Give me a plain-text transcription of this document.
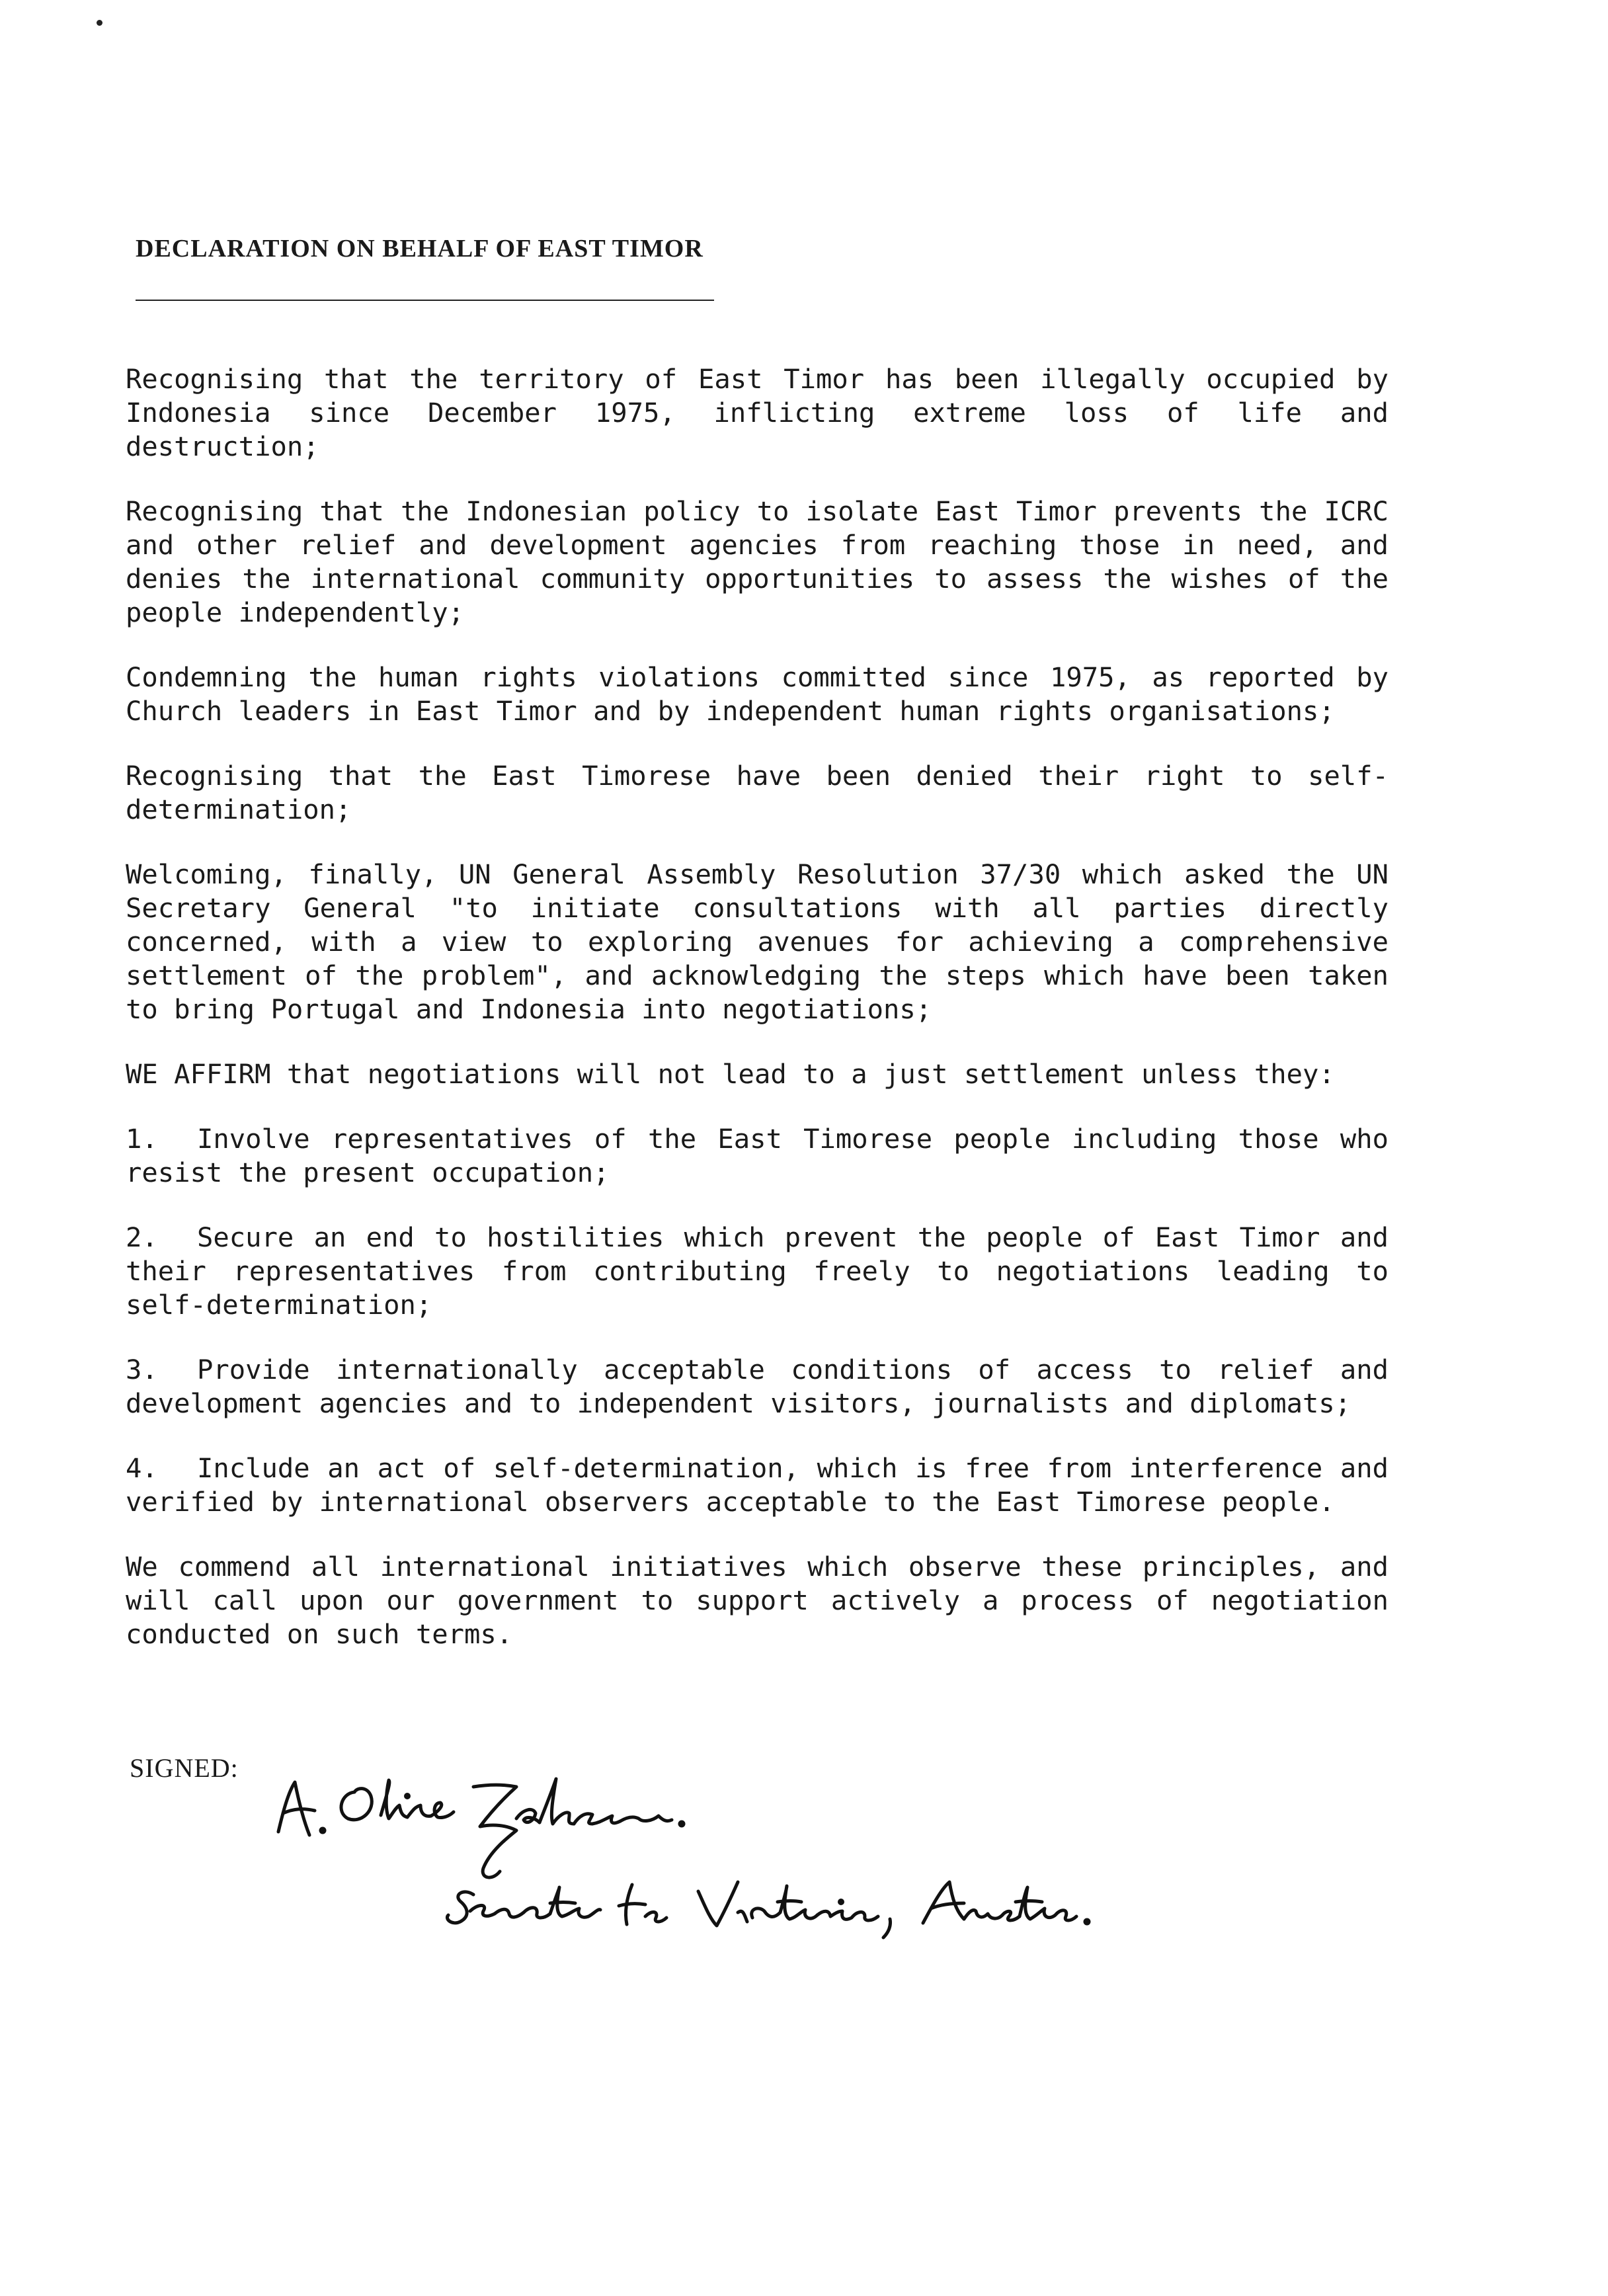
DECLARATION ON BEHALF OF EAST TIMOR

Recognising that the territory of East Timor has been illegally occupied by Indonesia since December 1975, inflicting extreme loss of life and destruction;

Recognising that the Indonesian policy to isolate East Timor prevents the ICRC and other relief and development agencies from reaching those in need, and denies the international community opportunities to assess the wishes of the people independently;

Condemning the human rights violations committed since 1975, as reported by Church leaders in East Timor and by independent human rights organisations;

Recognising that the East Timorese have been denied their right to self-determination;

Welcoming, finally, UN General Assembly Resolution 37/30 which asked the UN Secretary General "to initiate consultations with all parties directly concerned, with a view to exploring avenues for achieving a comprehensive settlement of the problem", and acknowledging the steps which have been taken to bring Portugal and Indonesia into negotiations;

WE AFFIRM that negotiations will not lead to a just settlement unless they:

1. Involve representatives of the East Timorese people including those who resist the present occupation;

2. Secure an end to hostilities which prevent the people of East Timor and their representatives from contributing freely to negotiations leading to self-determination;

3. Provide internationally acceptable conditions of access to relief and development agencies and to independent visitors, journalists and diplomats;

4. Include an act of self-determination, which is free from interference and verified by international observers acceptable to the East Timorese people.

We commend all international initiatives which observe these principles, and will call upon our government to support actively a process of negotiation conducted on such terms.

SIGNED:
